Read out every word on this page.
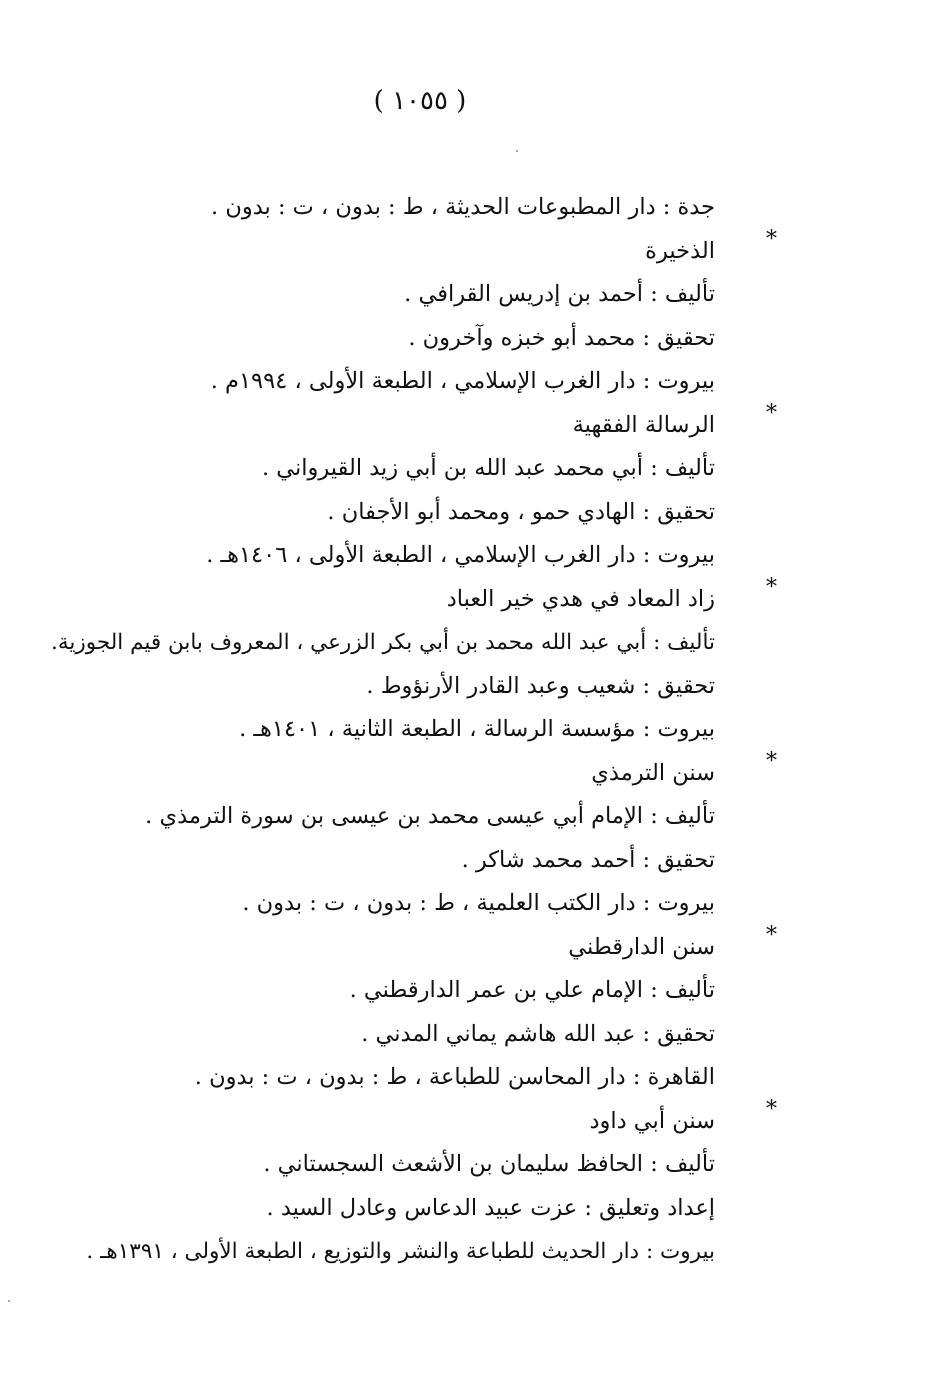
( ١٠٥٥ )
جدة : دار المطبوعات الحديثة ، ط : بدون ، ت : بدون .
الذخيرة *
تأليف : أحمد بن إدريس القرافي .
تحقيق : محمد أبو خبزه وآخرون .
بيروت : دار الغرب الإسلامي ، الطبعة الأولى ، ١٩٩٤م .
الرسالة الفقهية *
تأليف : أبي محمد عبد الله بن أبي زيد القيرواني .
تحقيق : الهادي حمو ، ومحمد أبو الأجفان .
بيروت : دار الغرب الإسلامي ، الطبعة الأولى ، ١٤٠٦هـ .
زاد المعاد في هدي خير العباد *
تأليف : أبي عبد الله محمد بن أبي بكر الزرعي ، المعروف بابن قيم الجوزية.
تحقيق : شعيب وعبد القادر الأرنؤوط .
بيروت : مؤسسة الرسالة ، الطبعة الثانية ، ١٤٠١هـ .
سنن الترمذي *
تأليف : الإمام أبي عيسى محمد بن عيسى بن سورة الترمذي .
تحقيق : أحمد محمد شاكر .
بيروت : دار الكتب العلمية ، ط : بدون ، ت : بدون .
سنن الدارقطني *
تأليف : الإمام علي بن عمر الدارقطني .
تحقيق : عبد الله هاشم يماني المدني .
القاهرة : دار المحاسن للطباعة ، ط : بدون ، ت : بدون .
سنن أبي داود *
تأليف : الحافظ سليمان بن الأشعث السجستاني .
إعداد وتعليق : عزت عبيد الدعاس وعادل السيد .
بيروت : دار الحديث للطباعة والنشر والتوزيع ، الطبعة الأولى ، ١٣٩١هـ .
